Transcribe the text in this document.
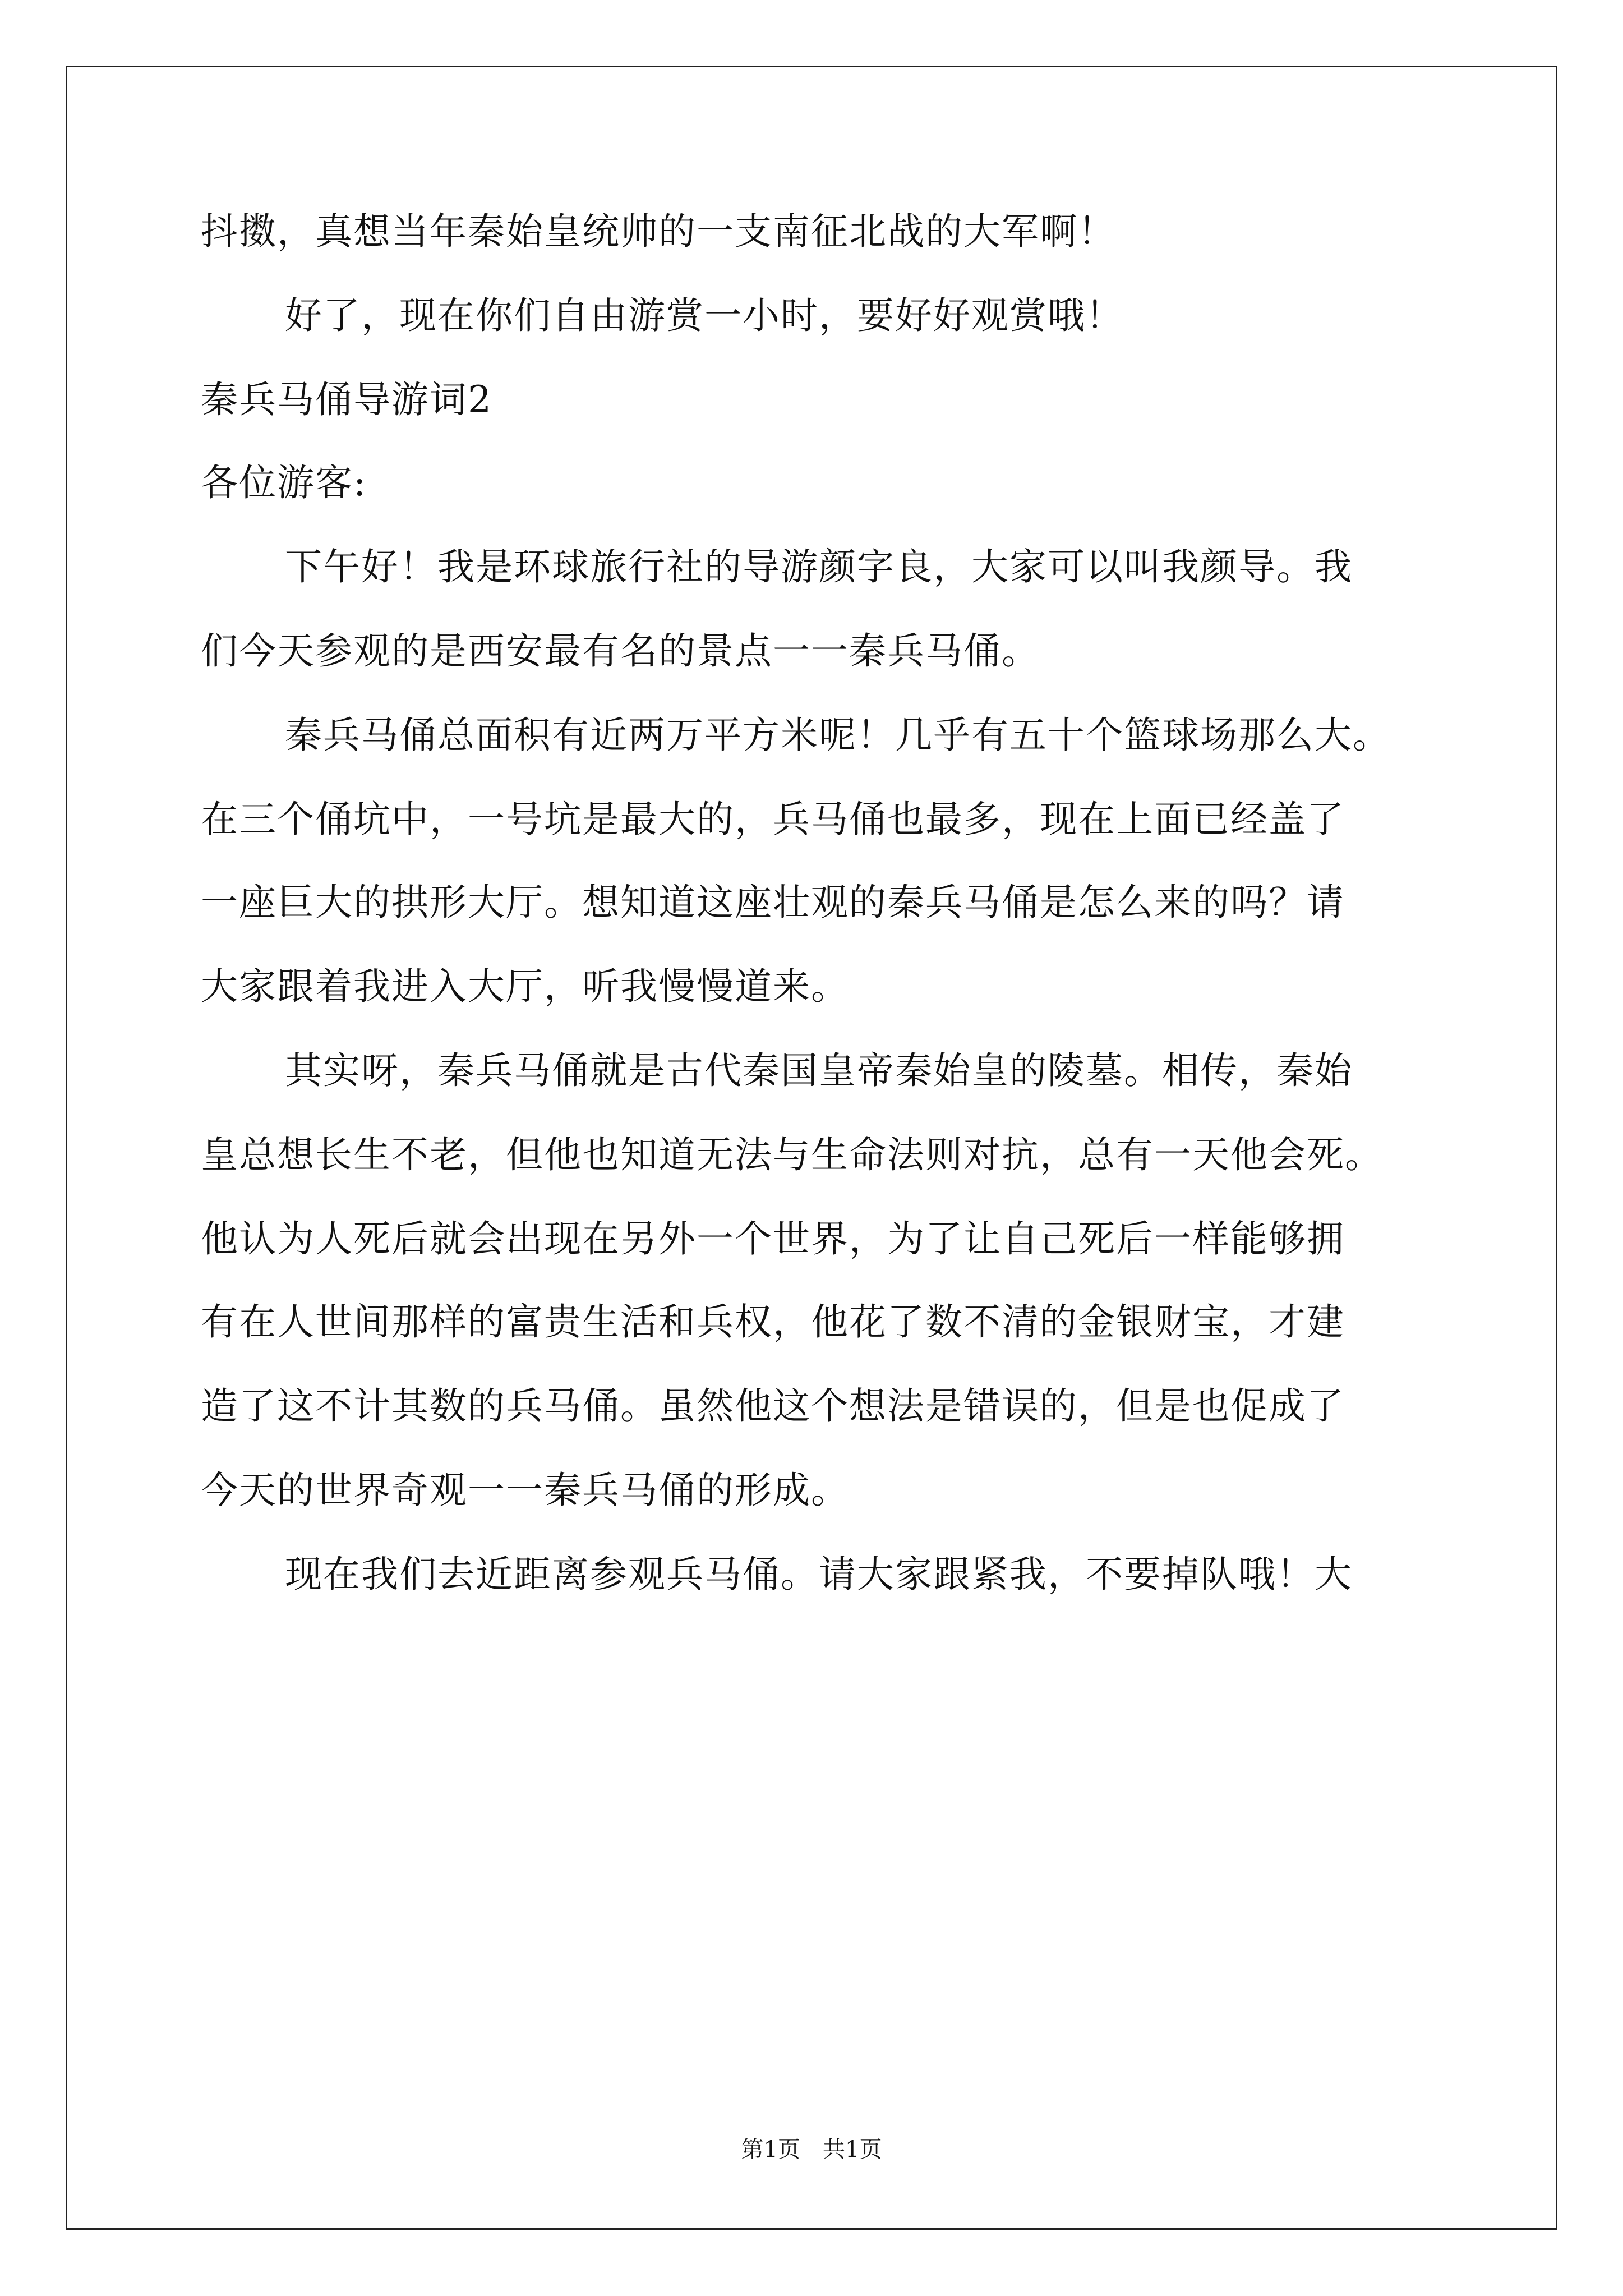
抖擞，真想当年秦始皇统帅的一支南征北战的大军啊！
好了，现在你们自由游赏一小时，要好好观赏哦！
秦兵马俑导游词2
各位游客:
下午好！我是环球旅行社的导游颜字良，大家可以叫我颜导。我
们今天参观的是西安最有名的景点一一秦兵马俑。
秦兵马俑总面积有近两万平方米呢！几乎有五十个篮球场那么大。
在三个俑坑中，一号坑是最大的，兵马俑也最多，现在上面已经盖了
一座巨大的拱形大厅。想知道这座壮观的秦兵马俑是怎么来的吗？请
大家跟着我进入大厅，听我慢慢道来。
其实呀，秦兵马俑就是古代秦国皇帝秦始皇的陵墓。相传，秦始
皇总想长生不老，但他也知道无法与生命法则对抗，总有一天他会死。
他认为人死后就会出现在另外一个世界，为了让自己死后一样能够拥
有在人世间那样的富贵生活和兵权，他花了数不清的金银财宝，才建
造了这不计其数的兵马俑。虽然他这个想法是错误的，但是也促成了
今天的世界奇观一一秦兵马俑的形成。
现在我们去近距离参观兵马俑。请大家跟紧我，不要掉队哦！大
第1页　共1页
